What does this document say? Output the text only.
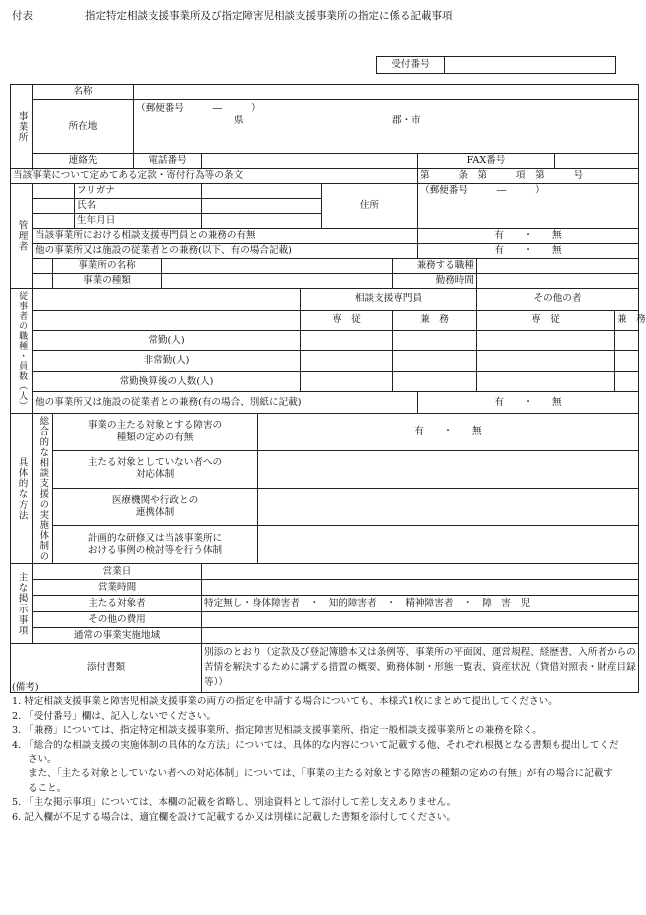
付表	指定特定相談支援事業所及び指定障害児相談支援事業所の指定に係る記載事項
受付番号	
事業所	名称													
	所在地			（郵便番号　　　―　　　）
県 郡・市										

	連絡先			電話番号							FAX番号			

当該事業について定めてある定款・寄付行為等の条文											第　　　条　第　　　項　第　　　号			
管理者			フリガナ						住所		（郵便番号　　　―　　　）			

			氏名											
			生年月日											
	当該事業所における相談支援専門員との兼務の有無										有　　・　　無			
	他の事業所又は施設の従業者との兼務(以下、有の場合記載)										有　　・　　無			
		事業所の名称								兼務する職種				
		事業の種類								勤務時間				
従事者の職種・員数（人）								相談支援専門員				その他の者		
								専　従		兼　務		専　従		兼　務
	常勤(人)													
	非常勤(人)													
	常勤換算後の人数(人)													
	他の事業所又は施設の従業者との兼務(有の場合、別紙に記載)										有　　・　　無			
具体的な方法	総合的な相談支援の実施体制の	事業の主たる対象とする障害の
種類の定めの有無					有　　・　　無							
		主たる対象としていない者への
対応体制												
		医療機関や行政との
連携体制												
		計画的な研修又は当該事業所に
おける事例の検討等を行う体制												
主な掲示事項	営業日													
	営業時間													
	主たる対象者					特定無し・身体障害者　・　知的障害者　・　精神障害者　・　障　害　児								
	その他の費用													
	通常の事業実施地域													

添付書類						別添のとおり（定款及び登記簿謄本又は条例等、事業所の平面図、運営規程、経歴書、入所者からの苦情を解決するために講ずる措置の概要、勤務体制・形態一覧表、資産状況（貸借対照表・財産目録等））								

(備考)

1. 特定相談支援事業と障害児相談支援事業の両方の指定を申請する場合についても、本様式1枚にまとめて提出してください。

2. 「受付番号」欄は、記入しないでください。

3. 「兼務」については、指定特定相談支援事業所、指定障害児相談支援事業所、指定一般相談支援事業所との兼務を除く。

4. 「総合的な相談支援の実施体制の具体的な方法」については、具体的な内容について記載する他、それぞれ根拠となる書類も提出してください。

また、「主たる対象としていない者への対応体制」については、「事業の主たる対象とする障害の種類の定めの有無」が有の場合に記載すること。

5. 「主な掲示事項」については、本欄の記載を省略し、別途資料として添付して差し支えありません。

6. 記入欄が不足する場合は、適宜欄を設けて記載するか又は別様に記載した書類を添付してください。
